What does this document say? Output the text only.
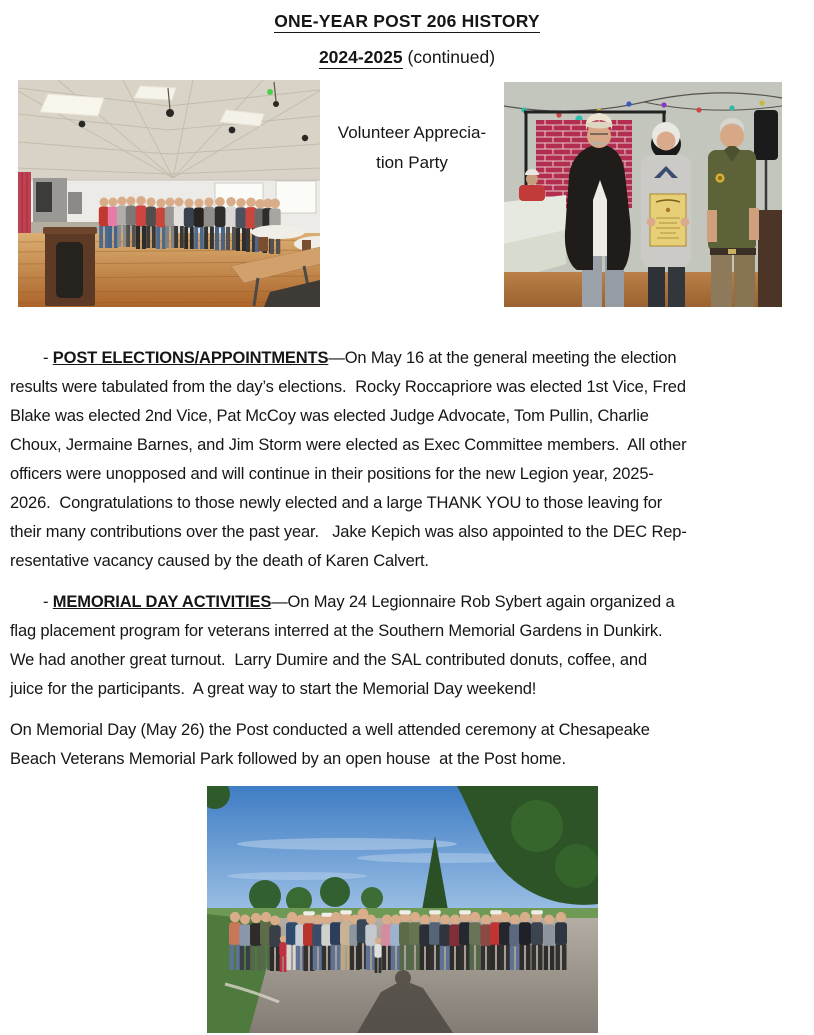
ONE-YEAR POST 206 HISTORY
2024-2025 (continued)
Volunteer Apprecia-
tion Party
- POST ELECTIONS/APPOINTMENTS—On May 16 at the general meeting the election
results were tabulated from the day’s elections.  Rocky Roccapriore was elected 1st Vice, Fred
Blake was elected 2nd Vice, Pat McCoy was elected Judge Advocate, Tom Pullin, Charlie
Choux, Jermaine Barnes, and Jim Storm were elected as Exec Committee members.  All other
officers were unopposed and will continue in their positions for the new Legion year, 2025-
2026.  Congratulations to those newly elected and a large THANK YOU to those leaving for
their many contributions over the past year.   Jake Kepich was also appointed to the DEC Rep-
resentative vacancy caused by the death of Karen Calvert.
- MEMORIAL DAY ACTIVITIES—On May 24 Legionnaire Rob Sybert again organized a
flag placement program for veterans interred at the Southern Memorial Gardens in Dunkirk.
We had another great turnout.  Larry Dumire and the SAL contributed donuts, coffee, and
juice for the participants.  A great way to start the Memorial Day weekend!
On Memorial Day (May 26) the Post conducted a well attended ceremony at Chesapeake
Beach Veterans Memorial Park followed by an open house  at the Post home.
